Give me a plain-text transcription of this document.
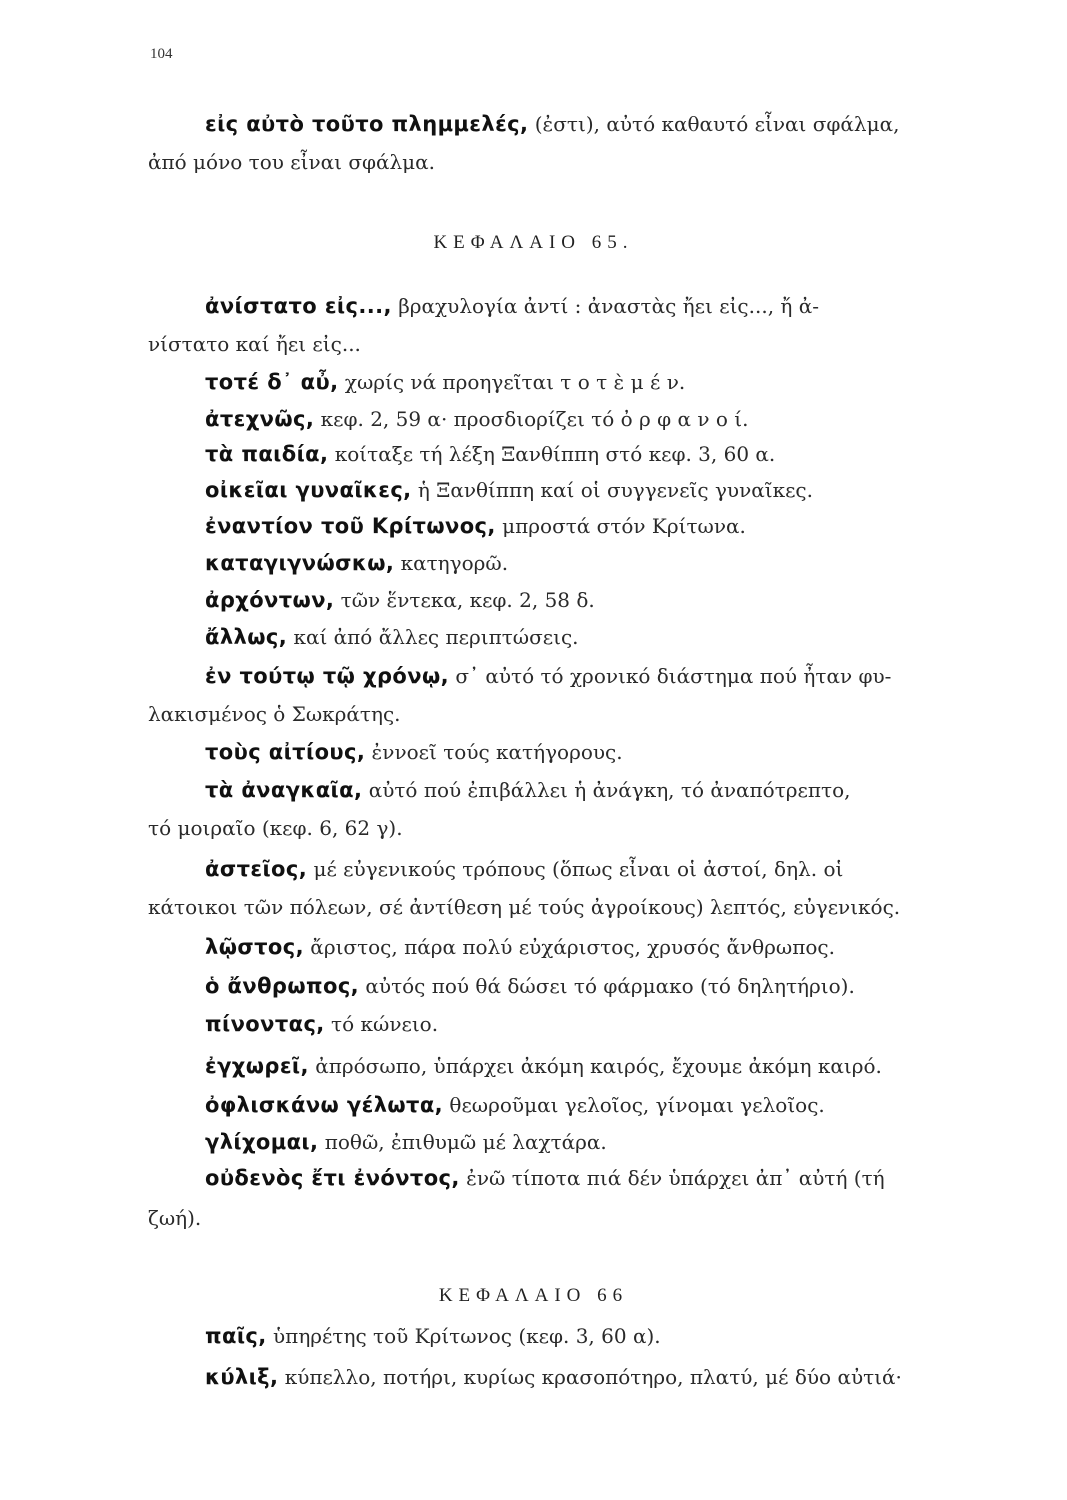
104
εἰς αὐτὸ τοῦτο πλημμελές, (ἐστι), αὐτό καθαυτό εἶναι σφάλμα,
ἀπό μόνο του εἶναι σφάλμα.
ΚΕΦΑΛΑΙΟ 65.
ἀνίστατο εἰς..., βραχυλογία ἀντί : ἀναστὰς ἤει εἰς..., ἤ ἀ-
νίστατο καί ἤει εἰς...
τοτέ δ᾽ αὖ, χωρίς νά προηγεῖται τ ο τ ὲ μ έ ν.
ἀτεχνῶς, κεφ. 2, 59 α· προσδιορίζει τό ὀ ρ φ α ν ο ί.
τὰ παιδία, κοίταξε τή λέξη Ξανθίππη στό κεφ. 3, 60 α.
οἰκεῖαι γυναῖκες, ἡ Ξανθίππη καί οἱ συγγενεῖς γυναῖκες.
ἐναντίον τοῦ Κρίτωνος, μπροστά στόν Κρίτωνα.
καταγιγνώσκω, κατηγορῶ.
ἀρχόντων, τῶν ἕντεκα, κεφ. 2, 58 δ.
ἄλλως, καί ἀπό ἄλλες περιπτώσεις.
ἐν τούτῳ τῷ χρόνῳ, σ᾽ αὐτό τό χρονικό διάστημα πού ἦταν φυ-
λακισμένος ὁ Σωκράτης.
τοὺς αἰτίους, ἐννοεῖ τούς κατήγορους.
τὰ ἀναγκαῖα, αὐτό πού ἐπιβάλλει ἡ ἀνάγκη, τό ἀναπότρεπτο,
τό μοιραῖο (κεφ. 6, 62 γ).
ἀστεῖος, μέ εὐγενικούς τρόπους (ὅπως εἶναι οἱ ἀστοί, δηλ. οἱ
κάτοικοι τῶν πόλεων, σέ ἀντίθεση μέ τούς ἀγροίκους) λεπτός, εὐγενικός.
λῷστος, ἄριστος, πάρα πολύ εὐχάριστος, χρυσός ἄνθρωπος.
ὁ ἄνθρωπος, αὐτός πού θά δώσει τό φάρμακο (τό δηλητήριο).
πίνοντας, τό κώνειο.
ἐγχωρεῖ, ἀπρόσωπο, ὑπάρχει ἀκόμη καιρός, ἔχουμε ἀκόμη καιρό.
ὀφλισκάνω γέλωτα, θεωροῦμαι γελοῖος, γίνομαι γελοῖος.
γλίχομαι, ποθῶ, ἐπιθυμῶ μέ λαχτάρα.
οὐδενὸς ἔτι ἐνόντος, ἐνῶ τίποτα πιά δέν ὑπάρχει ἀπ᾽ αὐτή (τή
ζωή).
ΚΕΦΑΛΑΙΟ 66
παῖς, ὑπηρέτης τοῦ Κρίτωνος (κεφ. 3, 60 α).
κύλιξ, κύπελλο, ποτήρι, κυρίως κρασοπότηρο, πλατύ, μέ δύο αὐτιά·
